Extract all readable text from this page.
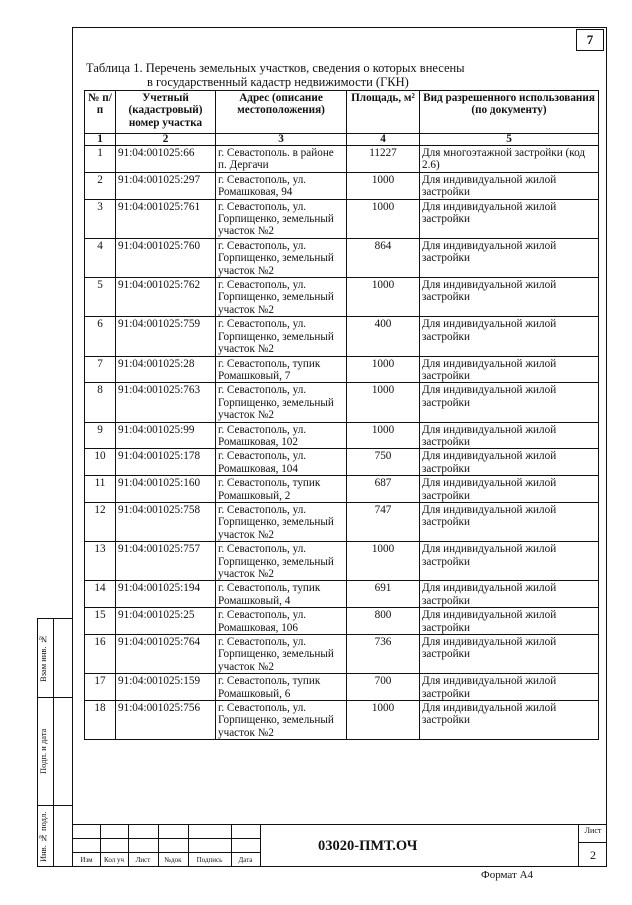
7
Таблица 1. Перечень земельных участков, сведения о которых внесены
в государственный кадастр недвижимости (ГКН)
№ п/п	Учетный (кадастровый) номер участка	Адрес (описание местоположения)	Площадь, м²	Вид разрешенного использования (по документу)
1	2	3	4	5
1	91:04:001025:66	г. Севастополь. в районе п. Дергачи	11227	Для многоэтажной застройки (код 2.6)
2	91:04:001025:297	г. Севастополь, ул. Ромашковая, 94	1000	Для индивидуальной жилой застройки
3	91:04:001025:761	г. Севастополь, ул. Горпищенко, земельный участок №2	1000	Для индивидуальной жилой застройки
4	91:04:001025:760	г. Севастополь, ул. Горпищенко, земельный участок №2	864	Для индивидуальной жилой застройки
5	91:04:001025:762	г. Севастополь, ул. Горпищенко, земельный участок №2	1000	Для индивидуальной жилой застройки
6	91:04:001025:759	г. Севастополь, ул. Горпищенко, земельный участок №2	400	Для индивидуальной жилой застройки
7	91:04:001025:28	г. Севастополь, тупик Ромашковый, 7	1000	Для индивидуальной жилой застройки
8	91:04:001025:763	г. Севастополь, ул. Горпищенко, земельный участок №2	1000	Для индивидуальной жилой застройки
9	91:04:001025:99	г. Севастополь, ул. Ромашковая, 102	1000	Для индивидуальной жилой застройки
10	91:04:001025:178	г. Севастополь, ул. Ромашковая, 104	750	Для индивидуальной жилой застройки
11	91:04:001025:160	г. Севастополь, тупик Ромашковый, 2	687	Для индивидуальной жилой застройки
12	91:04:001025:758	г. Севастополь, ул. Горпищенко, земельный участок №2	747	Для индивидуальной жилой застройки
13	91:04:001025:757	г. Севастополь, ул. Горпищенко, земельный участок №2	1000	Для индивидуальной жилой застройки
14	91:04:001025:194	г. Севастополь, тупик Ромашковый, 4	691	Для индивидуальной жилой застройки
15	91:04:001025:25	г. Севастополь, ул. Ромашковая, 106	800	Для индивидуальной жилой застройки
16	91:04:001025:764	г. Севастополь, ул. Горпищенко, земельный участок №2	736	Для индивидуальной жилой застройки
17	91:04:001025:159	г. Севастополь, тупик Ромашковый, 6	700	Для индивидуальной жилой застройки
18	91:04:001025:756	г. Севастополь, ул. Горпищенко, земельный участок №2	1000	Для индивидуальной жилой застройки
Взам инв. №
Подп. и дата
Инв. № подл.	Изм	Кол уч	Лист	№док	Подпись	Дата
03020-ПМТ.ОЧ
Лист
2
Формат А4
